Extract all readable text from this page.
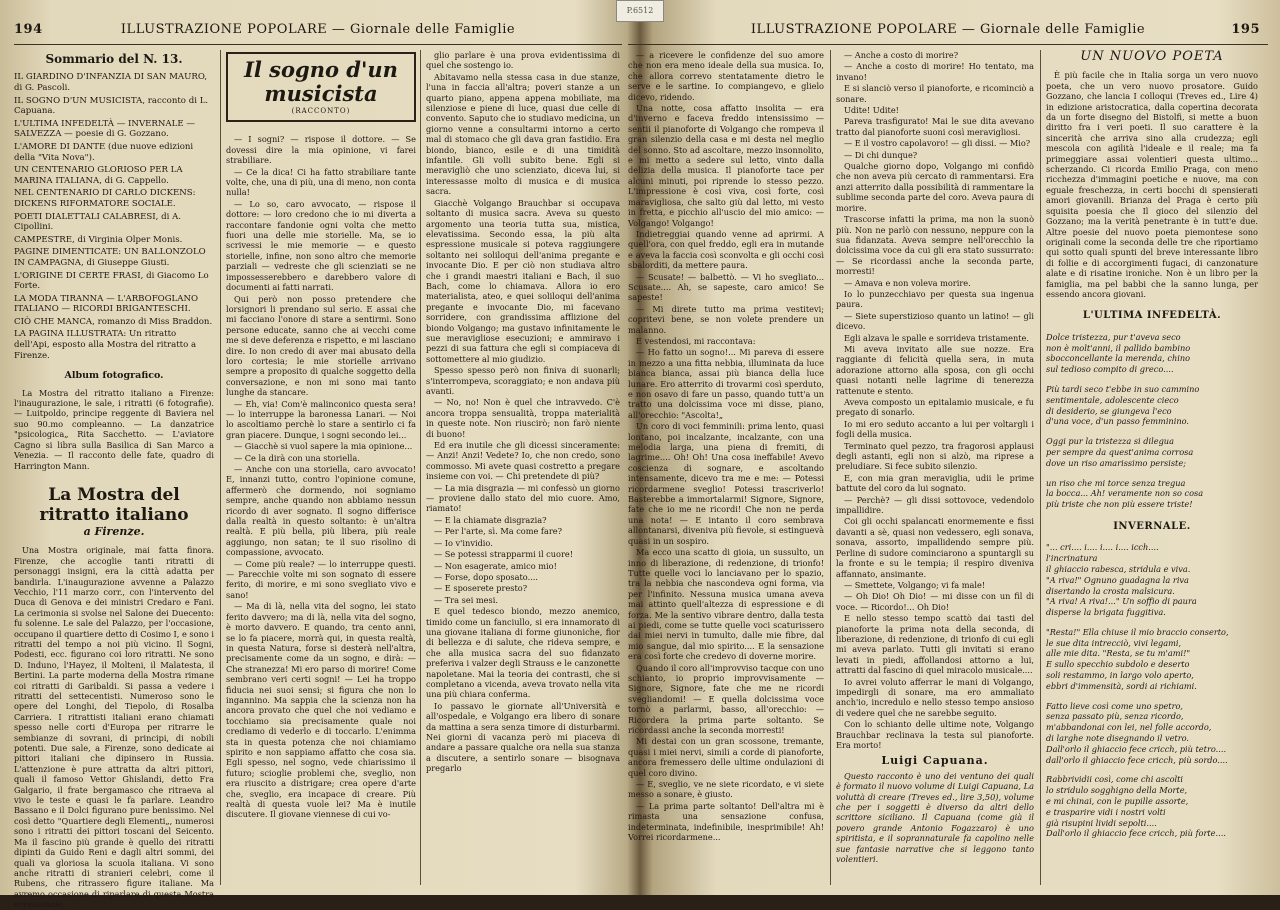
P.6512
194	ILLUSTRAZIONE POPOLARE — Giornale delle Famiglie
Sommario del N. 13.

IL GIARDINO D'INFANZIA DI SAN MAURO, di G. Pascoli.

IL SOGNO D'UN MUSICISTA, racconto di L. Capuana.

L'ULTIMA INFEDELTÀ — INVERNALE — SALVEZZA — poesie di G. Gozzano.

L'AMORE DI DANTE (due nuove edizioni della "Vita Nova").

UN CENTENARIO GLORIOSO PER LA MARINA ITALIANA, di G. Cappello.

NEL CENTENARIO DI CARLO DICKENS: DICKENS RIFORMATORE SOCIALE.

POETI DIALETTALI CALABRESI, di A. Cipollini.

CAMPESTRE, di Virginia Olper Monis.

PAGINE DIMENTICATE: UN BALLONZOLO IN CAMPAGNA, di Giuseppe Giusti.

L'ORIGINE DI CERTE FRASI, di Giacomo Lo Forte.

LA MODA TIRANNA — L'ARBOFOGLANO ITALIANO — RICORDI BRIGANTESCHI.

CIÒ CHE MANCA, romanzo di Miss Braddon.

LA PAGINA ILLUSTRATA: Un ritratto dell'Api, esposto alla Mostra del ritratto a Firenze.

Album fotografico.

La Mostra del ritratto italiano a Firenze: l'inaugurazione, le sale, i ritratti (6 fotografie). — Luitpoldo, principe reggente di Baviera nel suo 90.mo compleanno. — La danzatrice "psicologica„ Rita Sacchetto. — L'aviatore Cagno si libra sulla Basilica di San Marco a Venezia. — Il racconto delle fate, quadro di Harrington Mann.

La Mostra del ritratto italiano
a Firenze.

Una Mostra originale, mai fatta finora. Firenze, che accoglie tanti ritratti di personaggi insigni, era la città adatta per bandirla. L'inaugurazione avvenne a Palazzo Vecchio, l'11 marzo corr., con l'intervento del Duca di Genova e dei ministri Credaro e Fani. La cerimonia si svolse nel Salone dei Duecento: fu solenne. Le sale del Palazzo, per l'occasione, occupano il quartiere detto di Cosimo I, e sono i ritratti del tempo a noi più vicino. Il Sogni, Podesti, ecc. figurano coi loro ritratti. Ne sono D. Induno, l'Hayez, il Molteni, il Malatesta, il Bertini. La parte moderna della Mostra rimane coi ritratti di Garibaldi. Si passa a vedere i ritratti del settecentisti. Numeroso sono le opere del Longhi, del Tiepolo, di Rosalba Carriera. I ritrattisti italiani erano chiamati spesso nelle corti d'Europa per ritrarre le sembianze di sovrani, di principi, di nobili potenti. Due sale, a Firenze, sono dedicate ai pittori italiani che dipinsero in Russia. L'attenzione è pure attratta da altri pittori, quali il famoso Vettor Ghislandi, detto Fra Galgario, il frate bergamasco che ritraeva al vivo le teste e quasi le fa parlare. Leandro Bassano e il Dolci figurano pure benissimo. Nel così detto "Quartiere degli Elementi„, numerosi sono i ritratti dei pittori toscani del Seicento. Ma il fascino più grande è quello dei ritratti dipinti da Guido Reni e dagli altri sommi, dei quali va gloriosa la scuola italiana. Vi sono anche ritratti di stranieri celebri, come il Rubens, che ritrassero figure italiane. Ma avremo occasione di riparlare di questa Mostra eccezionale.

Il sogno d'un musicista
(RACCONTO)

— I sogni? — rispose il dottore. — Se dovessi dire la mia opinione, vi farei strabiliare.

— Ce la dica! Ci ha fatto strabiliare tante volte, che, una di più, una di meno, non conta nulla!

— Lo so, caro avvocato, — rispose il dottore: — loro credono che io mi diverta a raccontare fandonie ogni volta che metto fuori una delle mie storielle. Ma, se io scrivessi le mie memorie — e questo storielle, infine, non sono altro che memorie parziali — vedreste che gli scienziati se ne impossesserebbero e darebbero valore di documenti ai fatti narrati.

Qui però non posso pretendere che lorsignori li prendano sul serio. E assai che mi facciano l'onore di stare a sentirmi. Sono persone educate, sanno che ai vecchi come me si deve deferenza e rispetto, e mi lasciano dire. Io non credo di aver mai abusato della loro cortesia; le mie storielle arrivano sempre a proposito di qualche soggetto della conversazione, e non mi sono mai tanto lunghe da stancare.

— Eh, via! Com'è malinconico questa sera! — lo interruppe la baronessa Lanari. — Noi lo ascoltiamo perchè lo stare a sentirlo ci fa gran piacere. Dunque, i sogni secondo lei...

— Giacchè si vuol sapere la mia opinione...

— Ce la dirà con una storiella.

— Anche con una storiella, caro avvocato! E, innanzi tutto, contro l'opinione comune, affermerò che dormendo, noi sogniamo sempre, anche quando non abbiamo nessun ricordo di aver sognato. Il sogno differisce dalla realtà in questo soltanto: è un'altra realtà. E più bella, più libera, più reale aggiungo, non satan; te il suo risolino di compassione, avvocato.

— Come più reale? — lo interruppe questi. — Parecchie volte mi son sognato di essere ferito, di morire, e mi sono svegliato vivo e sano!

— Ma di là, nella vita del sogno, lei stato ferito davvero; ma di là, nella vita del sogno, è morto davvero. E quando, tra cento anni, se lo fa piacere, morrà qui, in questa realtà, in questa Natura, forse si desterà nell'altra, precisamente come da un sogno, e dirà: — Che stranezza! Mi ero parso di morire! Come sembrano veri certi sogni! — Lei ha troppo fiducia nei suoi sensi; si figura che non lo ingannino. Ma sappia che la scienza non ha ancora provato che quel che noi vediamo e tocchiamo sia precisamente quale noi crediamo di vederlo e di toccarlo. L'enimma sta in questa potenza che noi chiamiamo spirito e non sappiamo affatto che cosa sia. Egli spesso, nel sogno, vede chiarissimo il futuro; scioglie problemi che, sveglio, non era riuscito a distrigare; crea opere d'arte che, sveglio, era incapace di creare. Più realtà di questa vuole lei? Ma è inutile discutere. Il giovane viennese di cui vo-

glio parlare è una prova evidentissima di quel che sostengo io.

Abitavamo nella stessa casa in due stanze, l'una in faccia all'altra; poveri stanze a un quarto piano, appena appena mobiliate, ma silenziose e piene di luce, quasi due celle di convento. Saputo che io studiavo medicina, un giorno venne a consultarmi intorno a certo mal di stomaco che gli dava gran fastidio. Era biondo, bianco, esile e di una timidità infantile. Gli volli subito bene. Egli si meravigliò che uno scienziato, diceva lui, si interessasse molto di musica e di musica sacra.

Giacchè Volgango Brauchbar si occupava soltanto di musica sacra. Aveva su questo argomento una teoria tutta sua, mistica, elevatissima. Secondo essa, la più alta espressione musicale si poteva raggiungere soltanto nei soliloqui dell'anima pregante e invocante Dio. E per ciò non studiava altro che i grandi maestri italiani e Bach, il suo Bach, come lo chiamava. Allora io ero materialista, ateo, e quei soliloqui dell'anima pregante e invocante Dio, mi facevano sorridere, con grandissima afflizione del biondo Volgango; ma gustavo infinitamente le sue meravigliose esecuzioni; e ammiravo i pezzi di sua fattura che egli si compiaceva di sottomettere al mio giudizio.

Spesso spesso però non finiva di suonarli; s'interrompeva, scoraggiato; e non andava più avanti.

— No, no! Non è quel che intravvedo. C'è ancora troppa sensualità, troppa materialità in queste note. Non riuscirò; non farò niente di buono!

Ed era inutile che gli dicessi sinceramente: — Anzi! Anzi! Vedete? Io, che non credo, sono commosso. Mi avete quasi costretto a pregare insieme con voi. — Chi pretendete di più?

— La mia disgrazia — mi confessò un giorno — proviene dallo stato del mio cuore. Amo, riamato!

— E la chiamate disgrazia?

— Per l'arte, sì. Ma come fare?

— Io v'invidio.

— Se potessi strapparmi il cuore!

— Non esagerate, amico mio!

— Forse, dopo sposato....

— E sposerete presto?

— Tra sei mesi.

E quel tedesco biondo, mezzo anemico, timido come un fanciullo, si era innamorato di una giovane italiana di forme giunoniche, fior di bellezza e di salute, che rideva sempre, e che alla musica sacra del suo fidanzato preferiva i valzer degli Strauss e le canzonette napoletane. Mai la teoria dei contrasti, che si completano a vicenda, aveva trovato nella vita una più chiara conferma.

Io passavo le giornate all'Università e all'ospedale, e Volgango era libero di sonare da mattina a sera senza timore di disturbarmi. Nei giorni di vacanza però mi piaceva di andare a passare qualche ora nella sua stanza a discutere, a sentirlo sonare — bisognava pregarlo

ILLUSTRAZIONE POPOLARE — Giornale delle Famiglie	195

— a ricevere le confidenze del suo amore che non era meno ideale della sua musica. Io, che allora correvo stentatamente dietro le serve e le sartine. Io compiangevo, e glielo dicevo, ridendo.

Una notte, cosa affatto insolita — era d'inverno e faceva freddo intensissimo — sentii il pianoforte di Volgango che rompeva il gran silenzio della casa e mi desta nel meglio del sonno. Sto ad ascoltare, mezzo insonnolito, e mi metto a sedere sul letto, vinto dalla delizia della musica. Il pianoforte tace per alcuni minuti, poi riprende lo stesso pezzo. L'impressione è così viva, così forte, così maravigliosa, che salto giù dal letto, mi vesto in fretta, e picchio all'uscio del mio amico: — Volgango! Volgango!

Indietreggiai quando venne ad aprirmi. A quell'ora, con quel freddo, egli era in mutande e aveva la faccia così sconvolta e gli occhi così sbalorditi, da mettere paura.

— Scusate! — balbettò. — Vi ho svegliato... Scusate.... Ah, se sapeste, caro amico! Se sapeste!

— Mi direte tutto ma prima vestitevi; copritevi bene, se non volete prendere un malanno.

E vestendosi, mi raccontava:

— Ho fatto un sogno!... Mi pareva di essere in mezzo a una fitta nebbia, illuminata da luce bianca bianca, assai più bianca della luce lunare. Ero atterrito di trovarmi così sperduto, e non osavo di fare un passo, quando tutt'a un tratto una dolcissima voce mi disse, piano, all'orecchio: "Ascolta!„

Un coro di voci femminili: prima lento, quasi lontano, poi incalzante, incalzante, con una melodia larga, una piena di fremiti, di lagrime.... Oh! Oh! Una cosa ineffabile! Avevo coscienza di sognare, e ascoltando intensamente, dicevo tra me e me: — Potessi ricordarmene sveglio! Potessi trascriverlo! Basterebbe a immortalarmi! Signore, Signore, fate che io me ne ricordi! Che non ne perda una nota! — E intanto il coro sembrava allontanarsi, diveniva più fievole, si estinguevà quasi in un sospiro.

Ma ecco una scatto di gioia, un sussulto, un inno di liberazione, di redenzione, di trionfo! Tutte quelle voci lo lanciavano per lo spazio, tra la nebbia che nascondeva ogni forma, via per l'infinito. Nessuna musica umana aveva mai attinto quell'altezza di espressione e di forza. Me la sentivo vibrare dentro, dalla testa ai piedi, come se tutte quelle voci scaturissero dai miei nervi in tumulto, dalle mie fibre, dal mio sangue, dal mio spirito.... E la sensazione era così forte che credevo di doverne morire.

Quando il coro all'improvviso tacque con uno schianto, io proprio improvvisamente — Signore, Signore, fate che me ne ricordi svegliandomi! — E quella dolcissima voce tornò a parlarmi, basso, all'orecchio: — Ricordera la prima parte soltanto. Se ricordassi anche la seconda morresti!

Mi destai con un gran scossone, tremante, quasi i miei nervi, simili a corde di pianoforte, ancora fremessero delle ultime ondulazioni di quel coro divino.

— E, sveglio, ve ne siete ricordato, e vi siete messo a sonare, è giusto.

— La prima parte soltanto! Dell'altra mi è rimasta una sensazione confusa, indeterminata, indefinibile, inesprimibile! Ah! Vorrei ricordarmene...

— Anche a costo di morire?

— Anche a costo di morire! Ho tentato, ma invano!

E si slanciò verso il pianoforte, e ricominciò a sonare.

Udite! Udite!

Pareva trasfigurato! Mai le sue dita avevano tratto dal pianoforte suoni così meravigliosi.

— E il vostro capolavoro! — gli dissi. — Mio?

— Di chi dunque?

Qualche giorno dopo, Volgango mi confidò che non aveva più cercato di rammentarsi. Era anzi atterrito dalla possibilità di rammentare la sublime seconda parte del coro. Aveva paura di morire.

Trascorse infatti la prima, ma non la suonò più. Non ne parlò con nessuno, neppure con la sua fidanzata. Aveva sempre nell'orecchio la dolcissima voce da cui gli era stato sussurrato: — Se ricordassi anche la seconda parte, morresti!

— Amava e non voleva morire.

Io lo punzecchiavo per questa sua ingenua paura.

— Siete superstizioso quanto un latino! — gli dicevo.

Egli alzava le spalle e sorrideva tristamente.

Mi aveva invitato alle sue nozze. Era raggiante di felicità quella sera, in muta adorazione attorno alla sposa, con gli occhi quasi notanti nelle lagrime di tenerezza rattenute e stento.

Aveva composto un epitalamio musicale, e fu pregato di sonarlo.

Io mi ero seduto accanto a lui per voltargli i fogli della musica.

Terminato quel pezzo, tra fragorosi applausi degli astanti, egli non si alzò, ma riprese a preludiare. Si fece subito silenzio.

E, con mia gran meraviglia, udii le prime battute del coro da lui sognato.

— Perchè? — gli dissi sottovoce, vedendolo impallidire.

Coi gli occhi spalancati enormemente e fissi davanti a sè, quasi non vedessero, egli sonava, sonava, assorto, impallidendo sempre più. Perline di sudore cominciarono a spuntargli su la fronte e su le tempia; il respiro diveniva affannato, ansimante.

— Smettete, Volgango; vi fa male!

— Oh Dio! Oh Dio! — mi disse con un fil di voce. — Ricordo!... Oh Dio!

E nello stesso tempo scattò dai tasti del pianoforte la prima nota della seconda, di liberazione, di redenzione, di trionfo di cui egli mi aveva parlato. Tutti gli invitati si erano levati in piedi, affollandosi attorno a lui, attratti dal fascino di quel miracolo musicale....

Io avrei voluto afferrar le mani di Volgango, impedirgli di sonare, ma ero ammaliato anch'io, incredulo e nello stesso tempo ansioso di vedere quel che ne sarebbe seguito.

Con lo schianto delle ultime note, Volgango Brauchbar reclinava la testa sul pianoforte. Era morto!

Luigi Capuana.

Questo racconto è uno dei ventuno dei quali è formato il nuovo volume di Luigi Capuana, La voluttà di creare (Treves ed., lire 3,50), volume che per i soggetti è diverso da altri dello scrittore siciliano. Il Capuana (come già il povero grande Antonio Fogazzaro) è uno spiritista, e il soprannaturale fa capolino nelle sue fantasie narrative che si leggono tanto volentieri.

UN NUOVO POETA

È più facile che in Italia sorga un vero nuovo poeta, che un vero nuovo prosatore. Guido Gozzano, che lancia I colloqui (Treves ed., Lire 4) in edizione aristocratica, dalla copertina decorata da un forte disegno del Bistolfi, si mette a buon diritto fra i veri poeti. Il suo carattere è la sincerità che arriva sino alla crudezza; egli mescola con agilità l'ideale e il reale; ma fa primeggiare assai volentieri questa ultimo... scherzando. Ci ricorda Emilio Praga, con meno ricchezza d'immagini poetiche e nuove, ma con eguale freschezza, in certi bocchi di spensierati amori giovanili. Brianza del Praga è certo più squisita poesia che Il gioco del silenzio del Gozzano; ma la verità penetrante è in tutt'e due. Altre poesie del nuovo poeta piemontese sono originali come la seconda delle tre che riportiamo qui sotto quali spunti del breve interessante libro di follie e di accorgimenti fugaci, di canzonature alate e di risatine ironiche. Non è un libro per la famiglia, ma pel babbi che la sanno lunga, per essendo ancora giovani.

L'ULTIMA INFEDELTÀ.

Dolce tristezza, pur t'aveva seco

non è molt'anni, il pallido bambino

sbocconcellante la merenda, chino

sul tedioso compito di greco....

Più tardi seco t'ebbe in suo cammino

sentimentale, adolescente cieco

di desiderio, se giungeva l'eco

d'una voce, d'un passo femminino.

Oggi pur la tristezza si dilegua

per sempre da quest'anima corrosa

dove un riso amarissimo persiste;

un riso che mi torce senza tregua

la bocca... Ah! veramente non so cosa

più triste che non più essere triste!

INVERNALE.

"... cri.... i.... i.... i.... icch....

l'incrinatura

il ghiaccio rabesca, stridula e viva.

"A riva!" Ognuno guadagna la riva

disertando la crosta malsicura.

"A riva! A riva!..." Un soffio di paura

disperse la brigata fuggitiva.

"Resta!" Ella chiuse il mio braccio conserto,

le sue dita intrecciò, vivi legami,

alle mie dita. "Resta, se tu m'ami!"

E sullo specchio subdolo e deserto

soli restammo, in largo volo aperto,

ebbri d'immensità, sordi ai richiami.

Fatto lieve così come uno spetro,

senza passato più, senza ricordo,

m'abbandonai con lei, nel folle accordo,

di larghe note disegnando il vetro.

Dall'orlo il ghiaccio fece cricch, più tetro....

dall'orlo il ghiaccio fece cricch, più sordo....

Rabbrividii così, come chi ascolti

lo stridulo sogghigno della Morte,

e mi chinai, con le pupille assorte,

e trasparire vidi i nostri volti

già risupini lividi sepolti....

Dall'orlo il ghiaccio fece cricch, più forte....
